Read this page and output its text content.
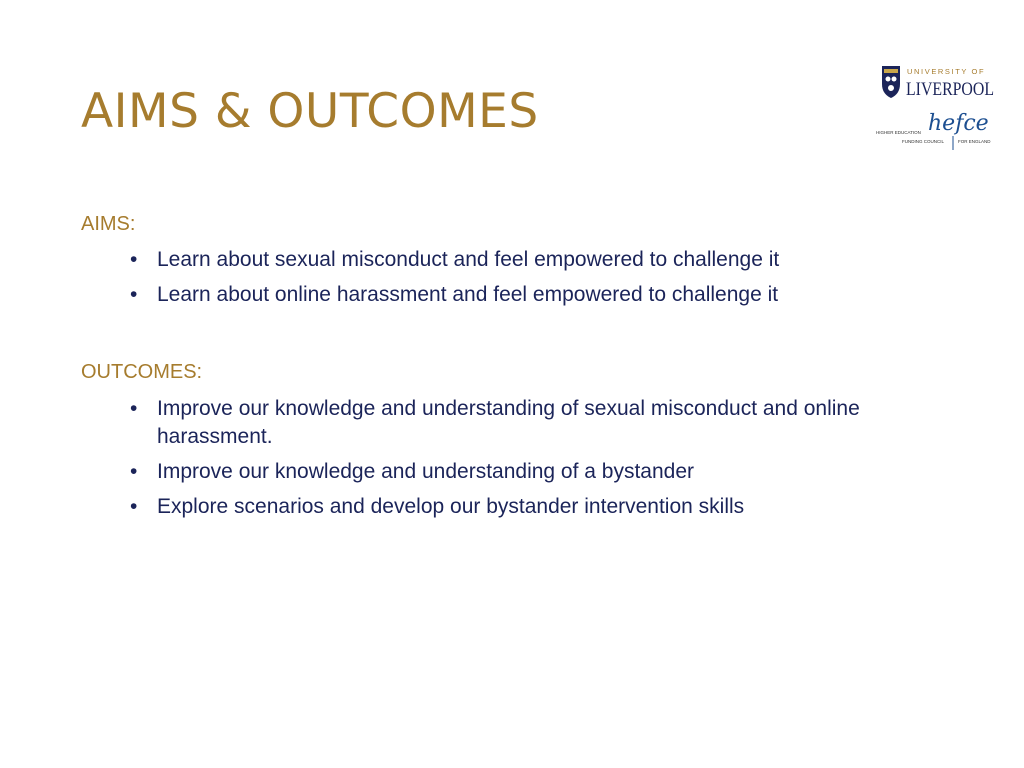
AIMS & OUTCOMES
UNIVERSITY OF
LIVERPOOL
HIGHER EDUCATION hefce
FUNDING COUNCIL	FOR ENGLAND
AIMS:
• Learn about sexual misconduct and feel empowered to challenge it
• Learn about online harassment and feel empowered to challenge it
OUTCOMES:
• Improve our knowledge and understanding of sexual misconduct and online harassment.
• Improve our knowledge and understanding of a bystander
• Explore scenarios and develop our bystander intervention skills
